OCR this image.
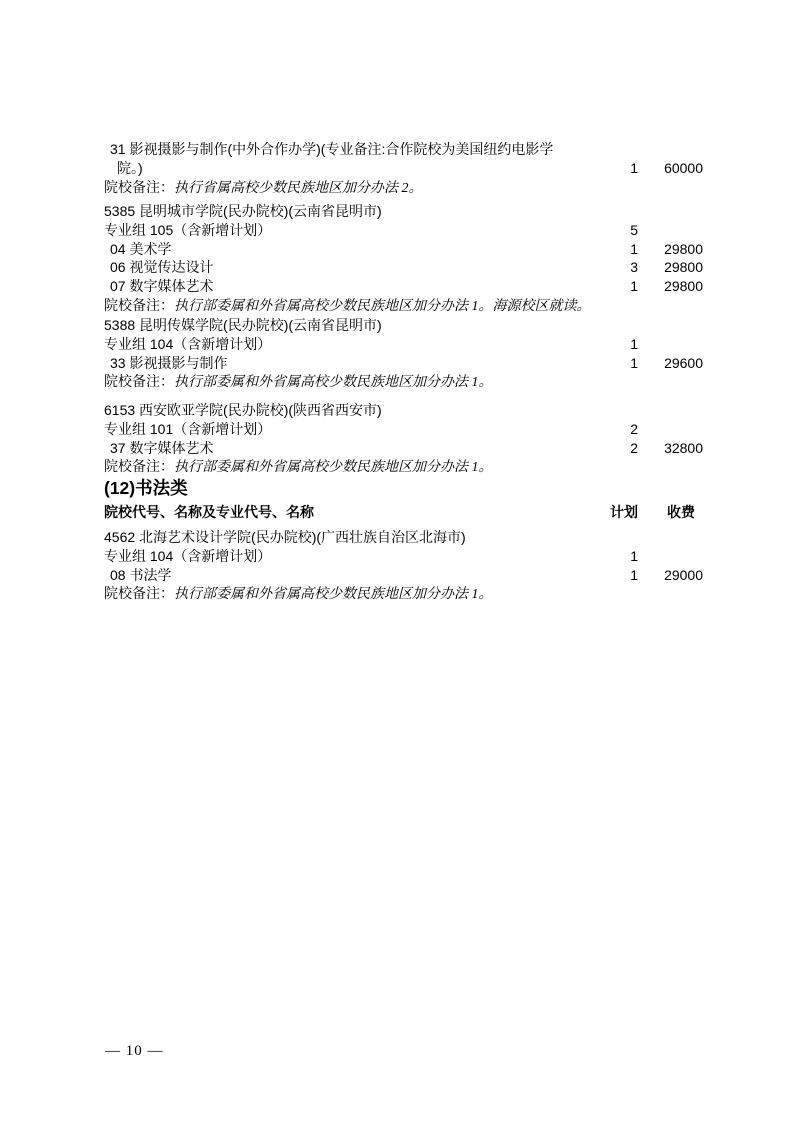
31 影视摄影与制作(中外合作办学)(专业备注:合作院校为美国纽约电影学
院。)	1	60000
院校备注：执行省属高校少数民族地区加分办法 2。
5385 昆明城市学院(民办院校)(云南省昆明市)
专业组 105（含新增计划）	5
04 美术学	1	29800
06 视觉传达设计	3	29800
07 数字媒体艺术	1	29800
院校备注：执行部委属和外省属高校少数民族地区加分办法 1。海源校区就读。
5388 昆明传媒学院(民办院校)(云南省昆明市)
专业组 104（含新增计划）	1
33 影视摄影与制作	1	29600
院校备注：执行部委属和外省属高校少数民族地区加分办法 1。
6153 西安欧亚学院(民办院校)(陕西省西安市)
专业组 101（含新增计划）	2
37 数字媒体艺术	2	32800
院校备注：执行部委属和外省属高校少数民族地区加分办法 1。
(12)书法类
院校代号、名称及专业代号、名称	计划	收费
4562 北海艺术设计学院(民办院校)(广西壮族自治区北海市)
专业组 104（含新增计划）	1
08 书法学	1	29000
院校备注：执行部委属和外省属高校少数民族地区加分办法 1。
— 10 —
